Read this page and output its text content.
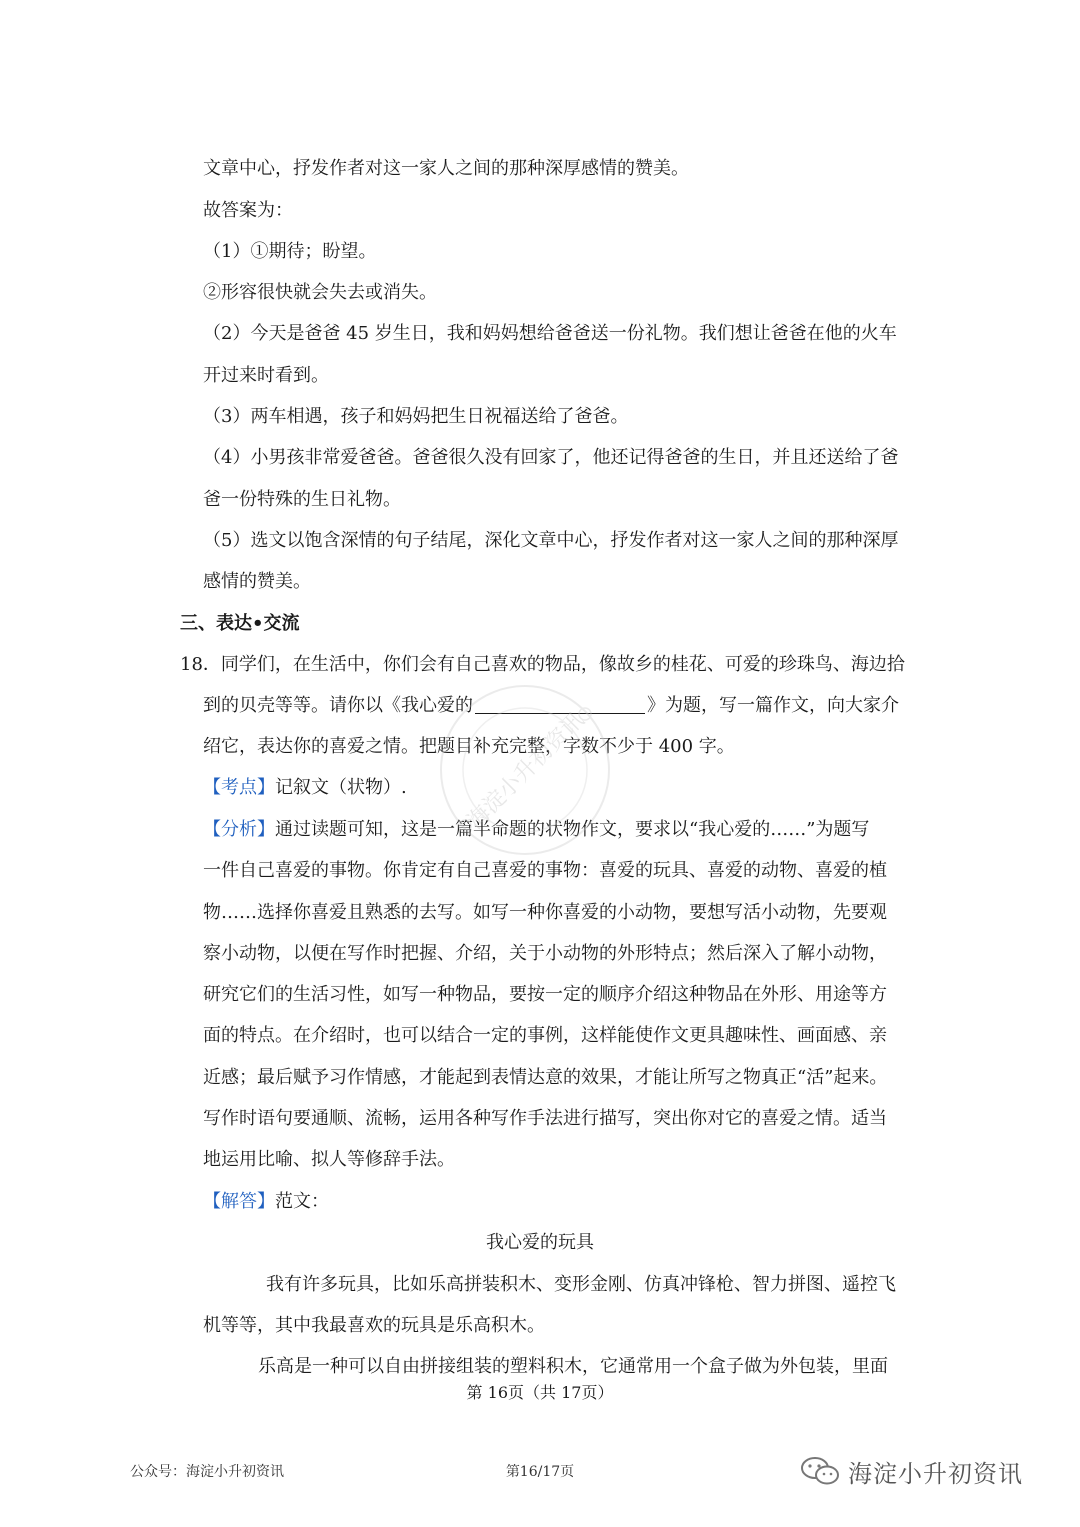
文章中心，抒发作者对这一家人之间的那种深厚感情的赞美。
故答案为：
（1）①期待；盼望。
②形容很快就会失去或消失。
（2）今天是爸爸 45 岁生日，我和妈妈想给爸爸送一份礼物。我们想让爸爸在他的火车
开过来时看到。
（3）两车相遇，孩子和妈妈把生日祝福送给了爸爸。
（4）小男孩非常爱爸爸。爸爸很久没有回家了，他还记得爸爸的生日，并且还送给了爸
爸一份特殊的生日礼物。
（5）选文以饱含深情的句子结尾，深化文章中心，抒发作者对这一家人之间的那种深厚
感情的赞美。
三、表达•交流
18．同学们，在生活中，你们会有自己喜欢的物品，像故乡的桂花、可爱的珍珠鸟、海边拾
到的贝壳等等。请你以《我心爱的	》为题，写一篇作文，向大家介
绍它，表达你的喜爱之情。把题目补充完整，字数不少于 400 字。
【考点】记叙文（状物）.
【分析】通过读题可知，这是一篇半命题的状物作文，要求以“我心爱的……”为题写
一件自己喜爱的事物。你肯定有自己喜爱的事物：喜爱的玩具、喜爱的动物、喜爱的植
物……选择你喜爱且熟悉的去写。如写一种你喜爱的小动物，要想写活小动物，先要观
察小动物，以便在写作时把握、介绍，关于小动物的外形特点；然后深入了解小动物，
研究它们的生活习性，如写一种物品，要按一定的顺序介绍这种物品在外形、用途等方
面的特点。在介绍时，也可以结合一定的事例，这样能使作文更具趣味性、画面感、亲
近感；最后赋予习作情感，才能起到表情达意的效果，才能让所写之物真正“活”起来。
写作时语句要通顺、流畅，运用各种写作手法进行描写，突出你对它的喜爱之情。适当
地运用比喻、拟人等修辞手法。
【解答】范文：
我心爱的玩具
我有许多玩具，比如乐高拼装积木、变形金刚、仿真冲锋枪、智力拼图、遥控飞
机等等，其中我最喜欢的玩具是乐高积木。
乐高是一种可以自由拼接组装的塑料积木，它通常用一个盒子做为外包装，里面
第 16页（共 17页）
海淀小升初资讯
公众号：海淀小升初资讯	第16/17页	海淀小升初资讯
